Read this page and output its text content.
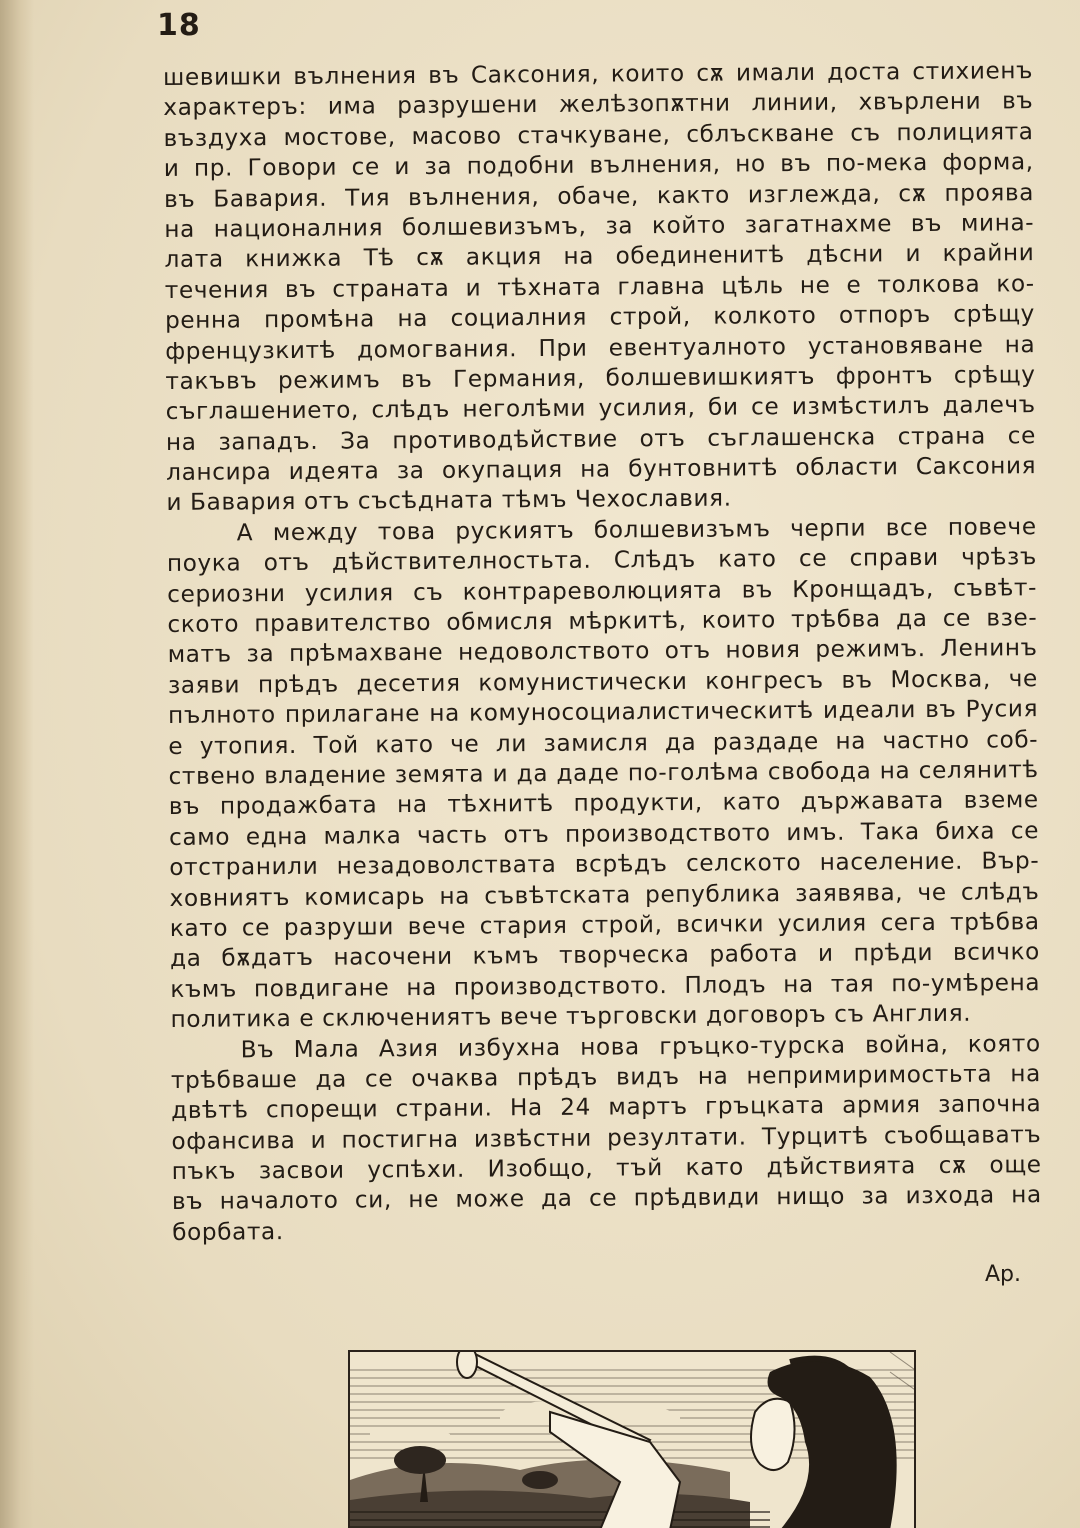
18
шевишки вълнения въ Саксония, които сѫ имали доста стихиенъ
характеръ: има разрушени желѣзопѫтни линии, хвърлени въ
въздуха мостове, масово стачкуване, сблъскване съ полицията
и пр. Говори се и за подобни вълнения, но въ по-мека форма,
въ Бавария. Тия вълнения, обаче, както изглежда, сѫ проява
на националния болшевизъмъ, за който загатнахме въ мина-
лата книжка Тѣ сѫ акция на обединенитѣ дѣсни и крайни
течения въ страната и тѣхната главна цѣль не е толкова ко-
ренна промѣна на социалния строй, колкото отпоръ срѣщу
френцузкитѣ домогвания. При евентуалното установяване на
такъвъ режимъ въ Германия, болшевишкиятъ фронтъ срѣщу
съглашението, слѣдъ неголѣми усилия, би се измѣстилъ далечъ
на западъ. За противодѣйствие отъ съглашенска страна се
лансира идеята за окупация на бунтовнитѣ области Саксония
и Бавария отъ съсѣдната тѣмъ Чехославия.
А между това рускиятъ болшевизъмъ черпи все повече
поука отъ дѣйствителностьта. Слѣдъ като се справи чрѣзъ
сериозни усилия съ контрареволюцията въ Кронщадъ, съвѣт-
ското правителство обмисля мѣркитѣ, които трѣбва да се взе-
матъ за прѣмахване недоволството отъ новия режимъ. Ленинъ
заяви прѣдъ десетия комунистически конгресъ въ Москва, че
пълното прилагане на комуносоциалистическитѣ идеали въ Русия
е утопия. Той като че ли замисля да раздаде на частно соб-
ствено владение земята и да даде по-голѣма свобода на селянитѣ
въ продажбата на тѣхнитѣ продукти, като държавата вземе
само една малка часть отъ производството имъ. Така биха се
отстранили незадоволствата всрѣдъ селското население. Вър-
ховниятъ комисарь на съвѣтската република заявява, че слѣдъ
като се разруши вече стария строй, всички усилия сега трѣбва
да бѫдатъ насочени къмъ творческа работа и прѣди всичко
къмъ повдигане на производството. Плодъ на тая по-умѣрена
политика е сключениятъ вече търговски договоръ съ Англия.
Въ Мала Азия избухна нова гръцко-турска война, която
трѣбваше да се очаква прѣдъ видъ на непримиримостьта на
двѣтѣ спорещи страни. На 24 мартъ гръцката армия започна
офансива и постигна извѣстни резултати. Турцитѣ съобщаватъ
пъкъ засвои успѣхи. Изобщо, тъй като дѣйствията сѫ още
въ началото си, не може да се прѣдвиди нищо за изхода на
борбата.
Ар.
